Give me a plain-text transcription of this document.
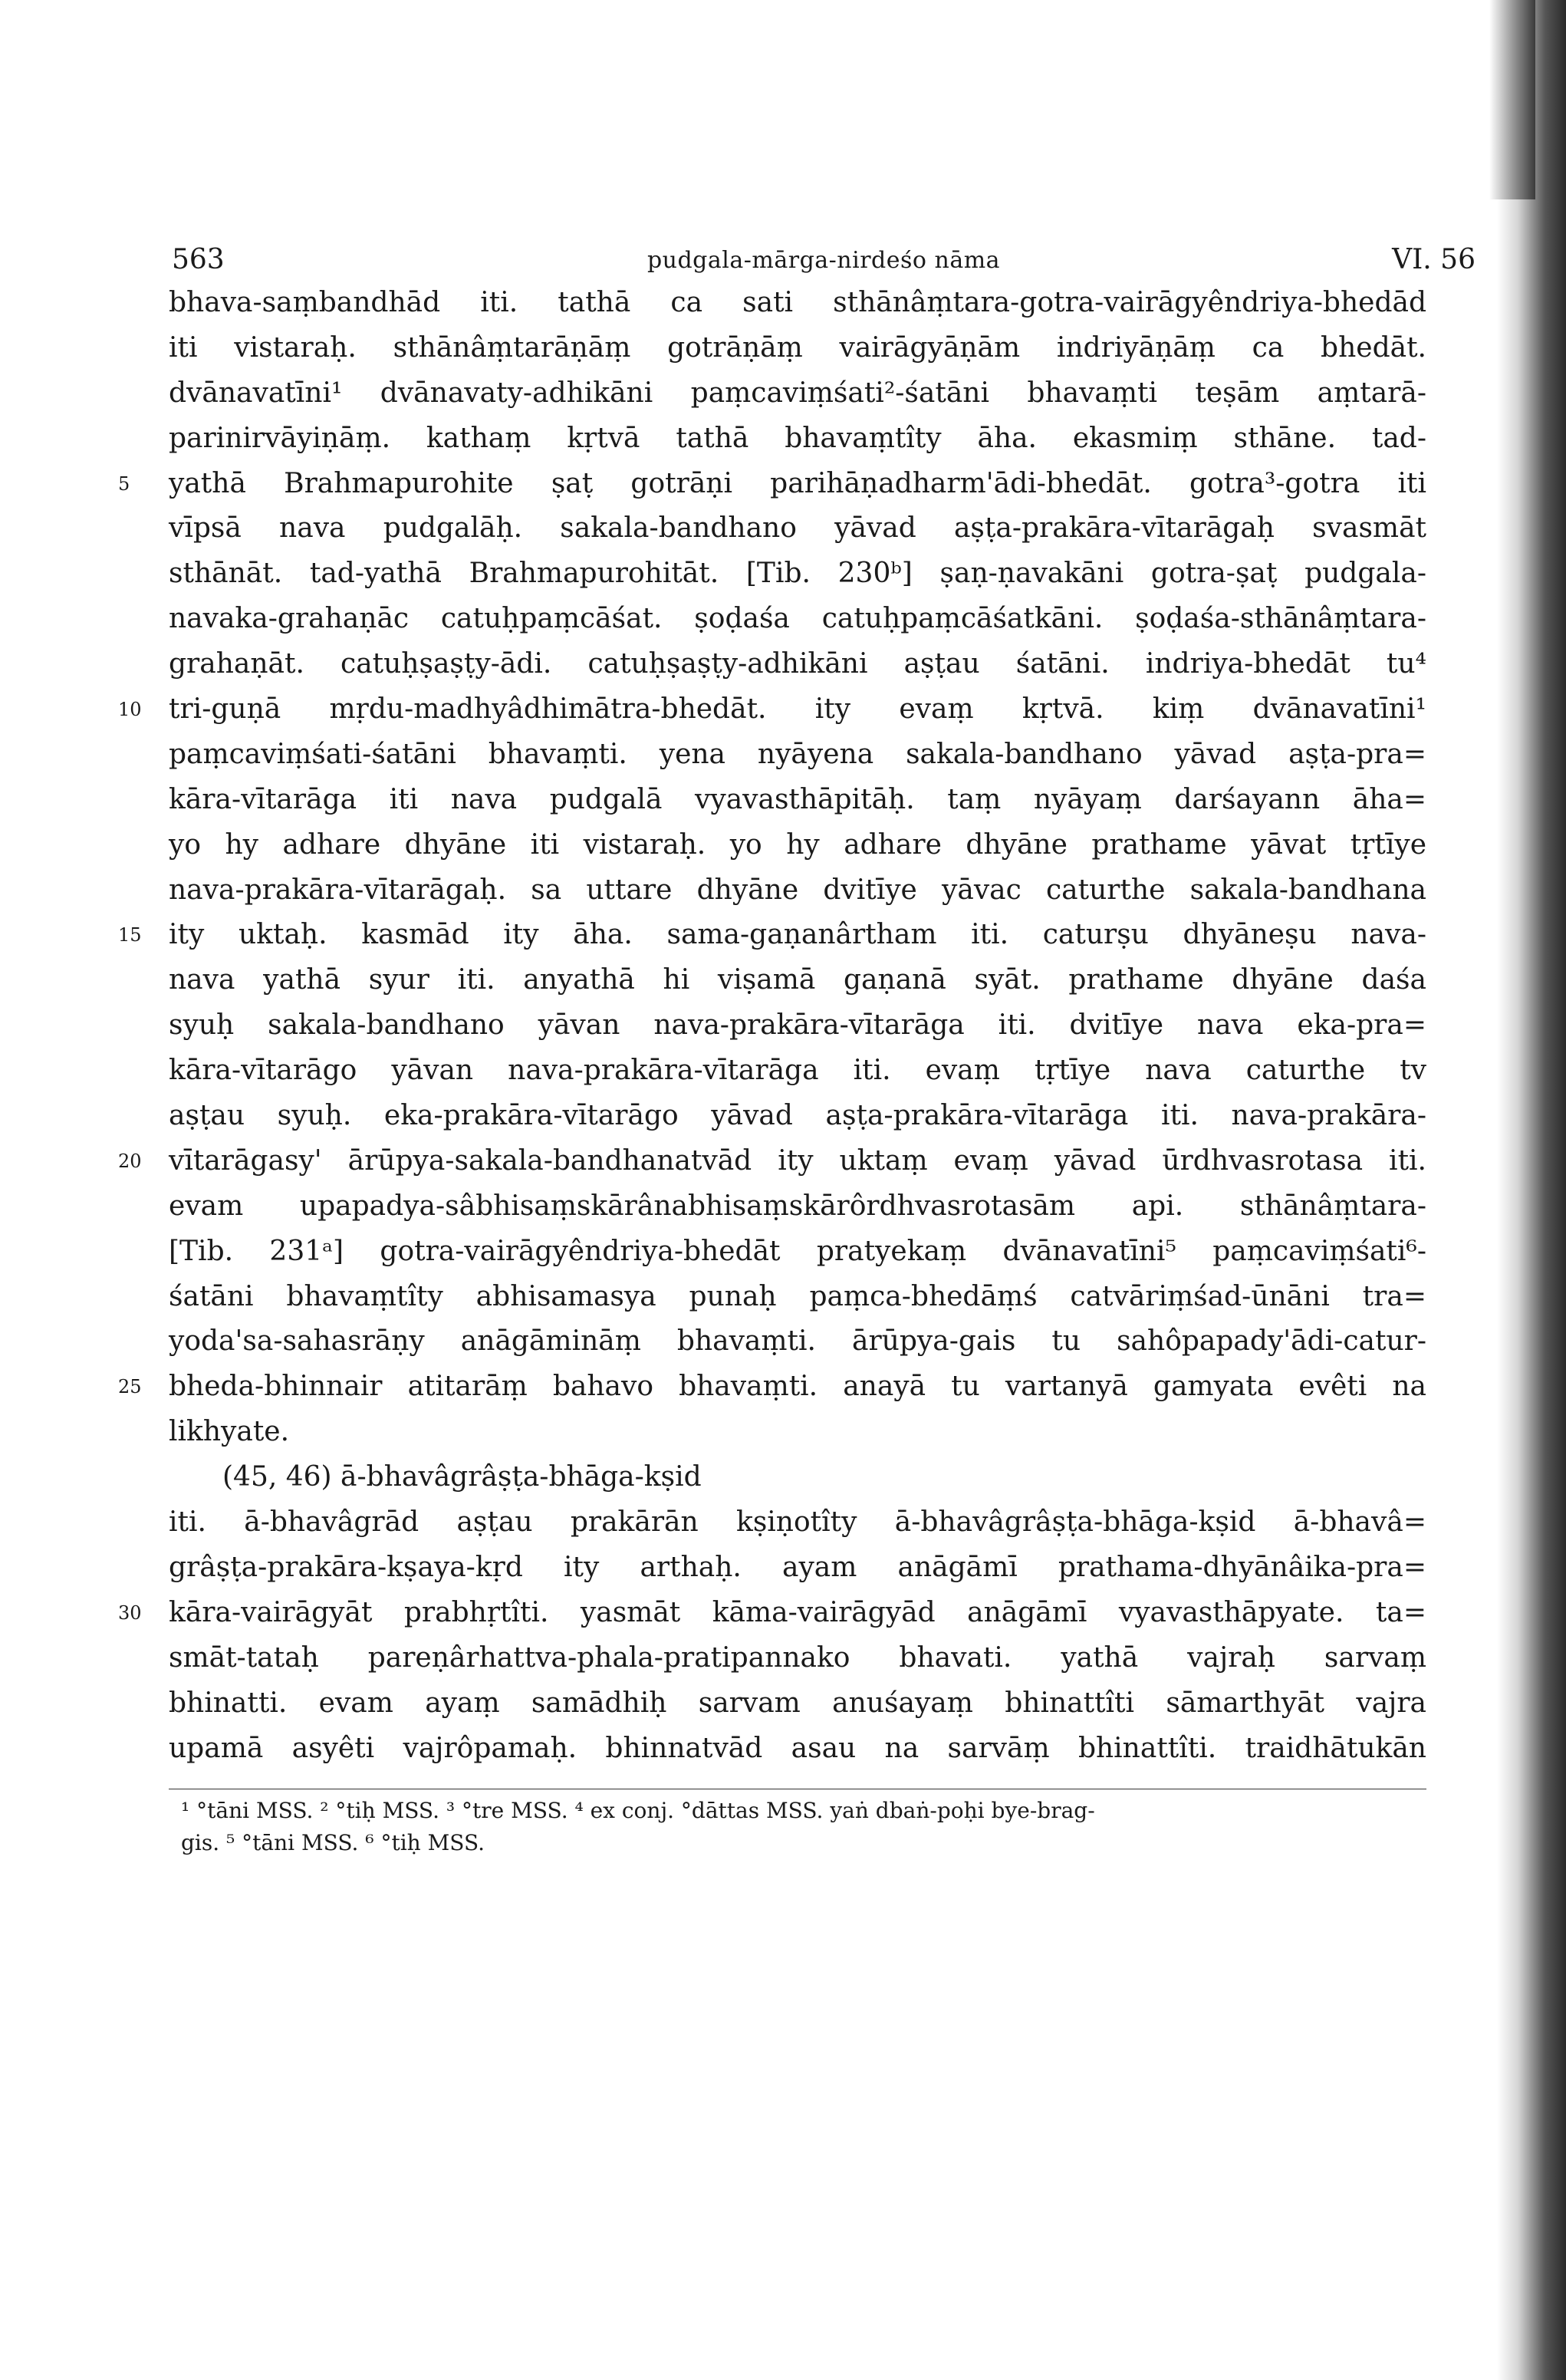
563	pudgala-mārga-nirdeśo nāma	VI. 56
bhava-saṃbandhād iti. tathā ca sati sthānâṃtara-gotra-vairāgyêndriya-bhedād
iti vistaraḥ. sthānâṃtarāṇāṃ gotrāṇāṃ vairāgyāṇām indriyāṇāṃ ca bhedāt.
dvānavatīni¹ dvānavaty-adhikāni paṃcaviṃśati²-śatāni bhavaṃti teṣām aṃtarā-
parinirvāyiṇāṃ. kathaṃ kṛtvā tathā bhavaṃtîty āha. ekasmiṃ sthāne. tad-
5	yathā Brahmapurohite ṣaṭ gotrāṇi parihāṇadharm'ādi-bhedāt. gotra³-gotra iti
vīpsā nava pudgalāḥ. sakala-bandhano yāvad aṣṭa-prakāra-vītarāgaḥ svasmāt
sthānāt. tad-yathā Brahmapurohitāt. [Tib. 230ᵇ] ṣaṇ-ṇavakāni gotra-ṣaṭ pudgala-
navaka-grahaṇāc catuḥpaṃcāśat. ṣoḍaśa catuḥpaṃcāśatkāni. ṣoḍaśa-sthānâṃtara-
grahaṇāt. catuḥṣaṣṭy-ādi. catuḥṣaṣṭy-adhikāni aṣṭau śatāni. indriya-bhedāt tu⁴
10 tri-guṇā mṛdu-madhyâdhimātra-bhedāt. ity evaṃ kṛtvā. kiṃ dvānavatīni¹
paṃcaviṃśati-śatāni bhavaṃti. yena nyāyena sakala-bandhano yāvad aṣṭa-pra=
kāra-vītarāga iti nava pudgalā vyavasthāpitāḥ. taṃ nyāyaṃ darśayann āha=
yo hy adhare dhyāne iti vistaraḥ. yo hy adhare dhyāne prathame yāvat tṛtīye
nava-prakāra-vītarāgaḥ. sa uttare dhyāne dvitīye yāvac caturthe sakala-bandhana
15 ity uktaḥ. kasmād ity āha. sama-gaṇanârtham iti. caturṣu dhyāneṣu nava-
nava yathā syur iti. anyathā hi viṣamā gaṇanā syāt. prathame dhyāne daśa
syuḥ sakala-bandhano yāvan nava-prakāra-vītarāga iti. dvitīye nava eka-pra=
kāra-vītarāgo yāvan nava-prakāra-vītarāga iti. evaṃ tṛtīye nava caturthe tv
aṣṭau syuḥ. eka-prakāra-vītarāgo yāvad aṣṭa-prakāra-vītarāga iti. nava-prakāra-
20 vītarāgasy' ārūpya-sakala-bandhanatvād ity uktaṃ evaṃ yāvad ūrdhvasrotasa iti.
evam upapadya-sâbhisaṃskārânabhisaṃskārôrdhvasrotasām api. sthānâṃtara-
[Tib. 231ᵃ] gotra-vairāgyêndriya-bhedāt pratyekaṃ dvānavatīni⁵ paṃcaviṃśati⁶-
śatāni bhavaṃtîty abhisamasya punaḥ paṃca-bhedāṃś catvāriṃśad-ūnāni tra=
yoda'sa-sahasrāṇy anāgāmināṃ bhavaṃti. ārūpya-gais tu sahôpapady'ādi-catur-
25 bheda-bhinnair atitarāṃ bahavo bhavaṃti. anayā tu vartanyā gamyata evêti na
likhyate.
(45, 46) ā-bhavâgrâṣṭa-bhāga-kṣid
iti. ā-bhavâgrād aṣṭau prakārān kṣiṇotîty ā-bhavâgrâṣṭa-bhāga-kṣid ā-bhavâ=
grâṣṭa-prakāra-kṣaya-kṛd ity arthaḥ. ayam anāgāmī prathama-dhyānâika-pra=
30 kāra-vairāgyāt prabhṛtîti. yasmāt kāma-vairāgyād anāgāmī vyavasthāpyate. ta=
smāt-tataḥ pareṇârhattva-phala-pratipannako bhavati. yathā vajraḥ sarvaṃ
bhinatti. evam ayaṃ samādhiḥ sarvam anuśayaṃ bhinattîti sāmarthyāt vajra
upamā asyêti vajrôpamaḥ. bhinnatvād asau na sarvāṃ bhinattîti. traidhātukān
¹ °tāni MSS. ² °tiḥ MSS. ³ °tre MSS. ⁴ ex conj. °dāttas MSS. yaṅ dbaṅ-poḥi bye-brag-
gis. ⁵ °tāni MSS. ⁶ °tiḥ MSS.
